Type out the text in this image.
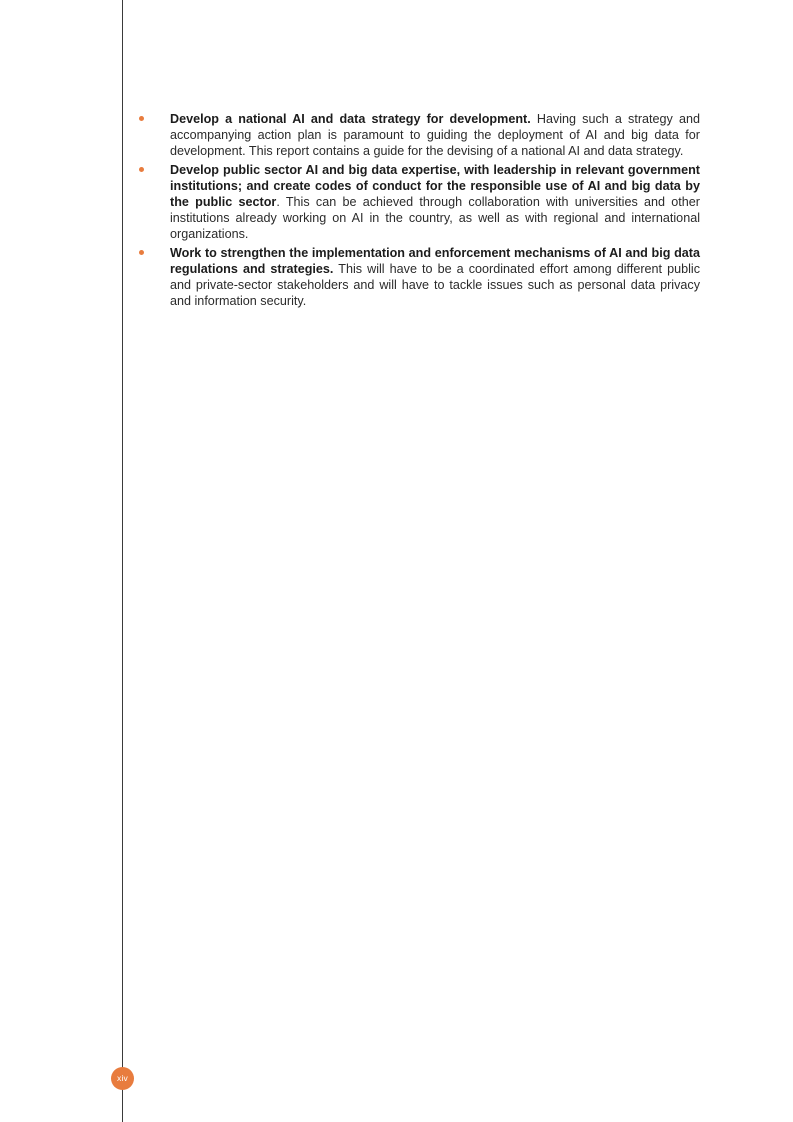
Develop a national AI and data strategy for development. Having such a strategy and accompanying action plan is paramount to guiding the deployment of AI and big data for development. This report contains a guide for the devising of a national AI and data strategy.
Develop public sector AI and big data expertise, with leadership in relevant government institutions; and create codes of conduct for the responsible use of AI and big data by the public sector. This can be achieved through collaboration with universities and other institutions already working on AI in the country, as well as with regional and international organizations.
Work to strengthen the implementation and enforcement mechanisms of AI and big data regulations and strategies. This will have to be a coordinated effort among different public and private-sector stakeholders and will have to tackle issues such as personal data privacy and information security.
xiv
